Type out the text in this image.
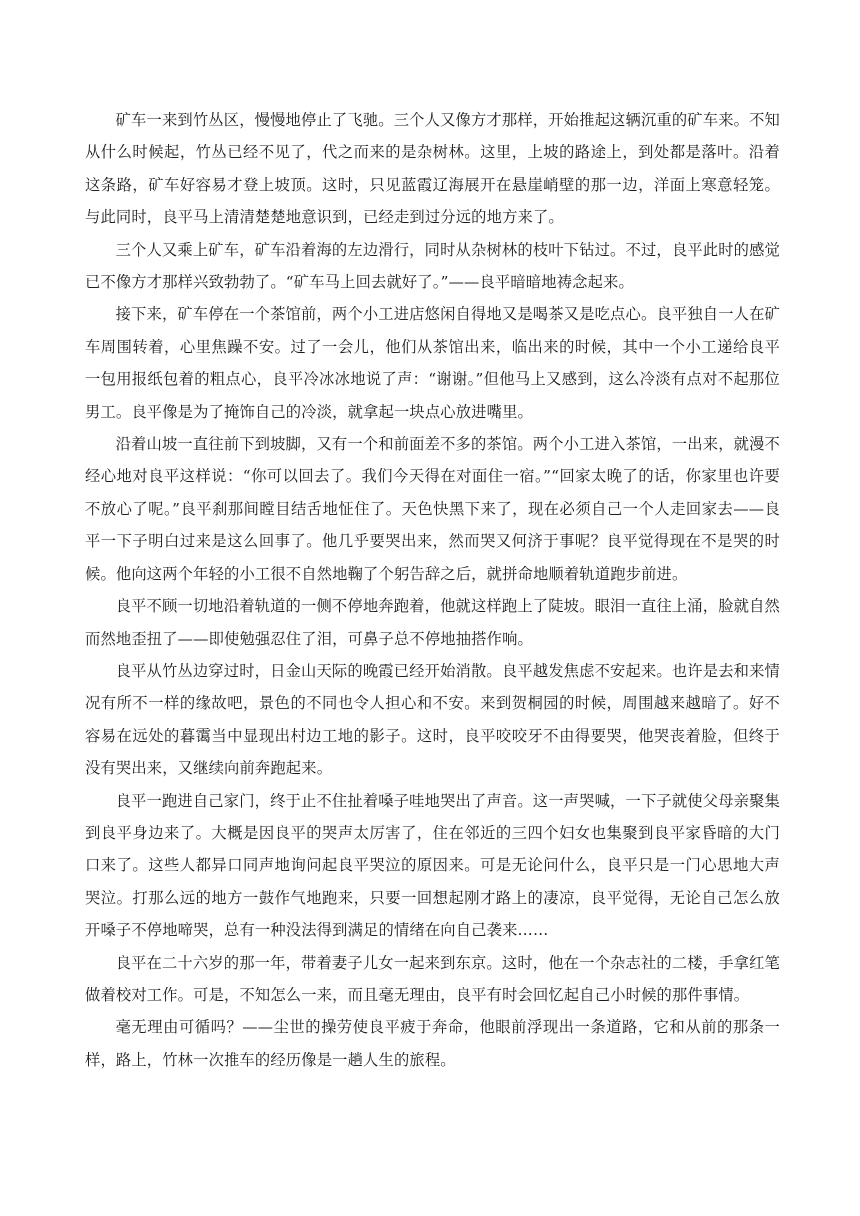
矿车一来到竹丛区，慢慢地停止了飞驰。三个人又像方才那样，开始推起这辆沉重的矿车来。不知从什么时候起，竹丛已经不见了，代之而来的是杂树林。这里，上坡的路途上，到处都是落叶。沿着这条路，矿车好容易才登上坡顶。这时，只见蓝霞辽海展开在悬崖峭壁的那一边，洋面上寒意轻笼。与此同时，良平马上清清楚楚地意识到，已经走到过分远的地方来了。

三个人又乘上矿车，矿车沿着海的左边滑行，同时从杂树林的枝叶下钻过。不过，良平此时的感觉已不像方才那样兴致勃勃了。“矿车马上回去就好了。”——良平暗暗地祷念起来。

接下来，矿车停在一个茶馆前，两个小工进店悠闲自得地又是喝茶又是吃点心。良平独自一人在矿车周围转着，心里焦躁不安。过了一会儿，他们从茶馆出来，临出来的时候，其中一个小工递给良平一包用报纸包着的粗点心，良平冷冰冰地说了声：“谢谢。”但他马上又感到，这么冷淡有点对不起那位男工。良平像是为了掩饰自己的冷淡，就拿起一块点心放进嘴里。

沿着山坡一直往前下到坡脚，又有一个和前面差不多的茶馆。两个小工进入茶馆，一出来，就漫不经心地对良平这样说：“你可以回去了。我们今天得在对面住一宿。”“回家太晚了的话，你家里也许要不放心了呢。”良平刹那间瞠目结舌地怔住了。天色快黑下来了，现在必须自己一个人走回家去——良平一下子明白过来是这么回事了。他几乎要哭出来，然而哭又何济于事呢？良平觉得现在不是哭的时候。他向这两个年轻的小工很不自然地鞠了个躬告辞之后，就拼命地顺着轨道跑步前进。

良平不顾一切地沿着轨道的一侧不停地奔跑着，他就这样跑上了陡坡。眼泪一直往上涌，脸就自然而然地歪扭了——即使勉强忍住了泪，可鼻子总不停地抽搭作响。

良平从竹丛边穿过时，日金山天际的晚霞已经开始消散。良平越发焦虑不安起来。也许是去和来情况有所不一样的缘故吧，景色的不同也令人担心和不安。来到贺桐园的时候，周围越来越暗了。好不容易在远处的暮霭当中显现出村边工地的影子。这时，良平咬咬牙不由得要哭，他哭丧着脸，但终于没有哭出来，又继续向前奔跑起来。

良平一跑进自己家门，终于止不住扯着嗓子哇地哭出了声音。这一声哭喊，一下子就使父母亲聚集到良平身边来了。大概是因良平的哭声太厉害了，住在邻近的三四个妇女也集聚到良平家昏暗的大门口来了。这些人都异口同声地询问起良平哭泣的原因来。可是无论问什么，良平只是一门心思地大声哭泣。打那么远的地方一鼓作气地跑来，只要一回想起刚才路上的凄凉，良平觉得，无论自己怎么放开嗓子不停地啼哭，总有一种没法得到满足的情绪在向自己袭来……

良平在二十六岁的那一年，带着妻子儿女一起来到东京。这时，他在一个杂志社的二楼，手拿红笔做着校对工作。可是，不知怎么一来，而且毫无理由，良平有时会回忆起自己小时候的那件事情。

毫无理由可循吗？——尘世的操劳使良平疲于奔命，他眼前浮现出一条道路，它和从前的那条一样，路上，竹林一次推车的经历像是一趟人生的旅程。
